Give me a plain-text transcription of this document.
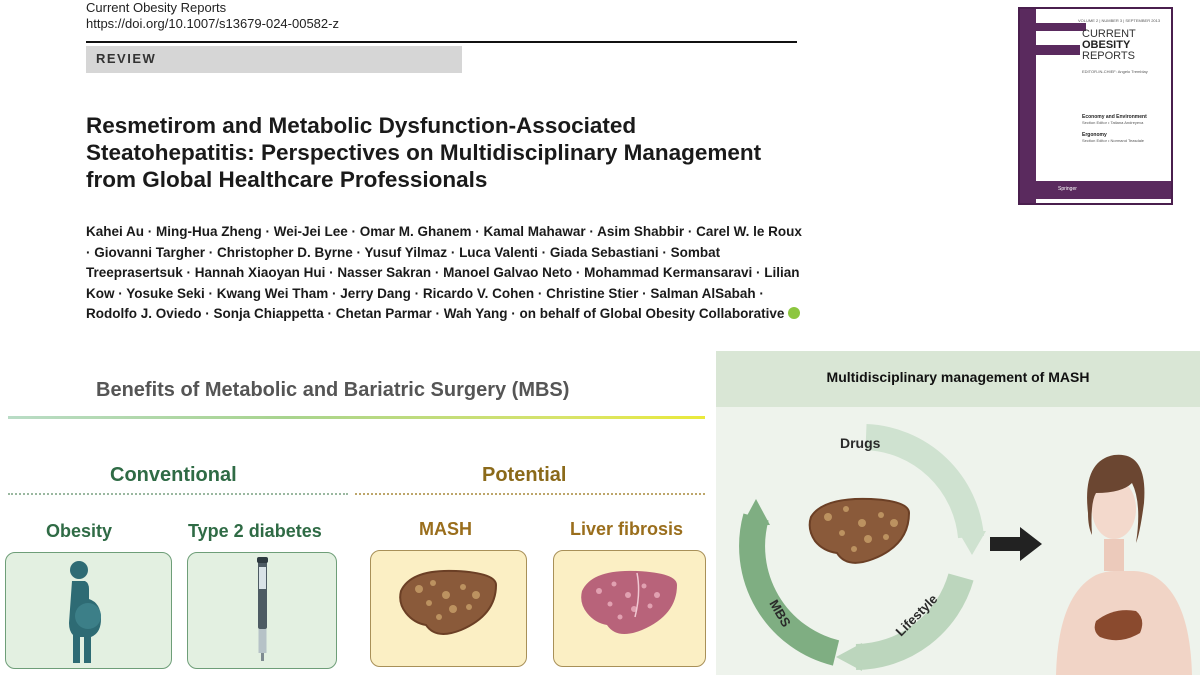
Current Obesity Reports
https://doi.org/10.1007/s13679-024-00582-z
REVIEW
Resmetirom and Metabolic Dysfunction-Associated Steatohepatitis: Perspectives on Multidisciplinary Management from Global Healthcare Professionals
Kahei Au · Ming-Hua Zheng · Wei-Jei Lee · Omar M. Ghanem · Kamal Mahawar · Asim Shabbir · Carel W. le Roux · Giovanni Targher · Christopher D. Byrne · Yusuf Yilmaz · Luca Valenti · Giada Sebastiani · Sombat Treeprasertsuk · Hannah Xiaoyan Hui · Nasser Sakran · Manoel Galvao Neto · Mohammad Kermansaravi · Lilian Kow · Yosuke Seki · Kwang Wei Tham · Jerry Dang · Ricardo V. Cohen · Christine Stier · Salman AlSabah · Rodolfo J. Oviedo · Sonja Chiappetta · Chetan Parmar · Wah Yang · on behalf of Global Obesity Collaborative
VOLUME 2 | NUMBER 3 | SEPTEMBER 2013
CURRENT
OBESITY
REPORTS
EDITOR-IN-CHIEF: Angelo Tremblay
Economy and Environment
Section Editor • Tatiana Andreyeva
Ergonomy
Section Editor • Normand Teasdale
Springer
Benefits of Metabolic and Bariatric Surgery (MBS)
Conventional	Potential
Obesity	Type 2 diabetes	MASH	Liver fibrosis
Multidisciplinary management of MASH
MBS	Lifestyle
Drugs
